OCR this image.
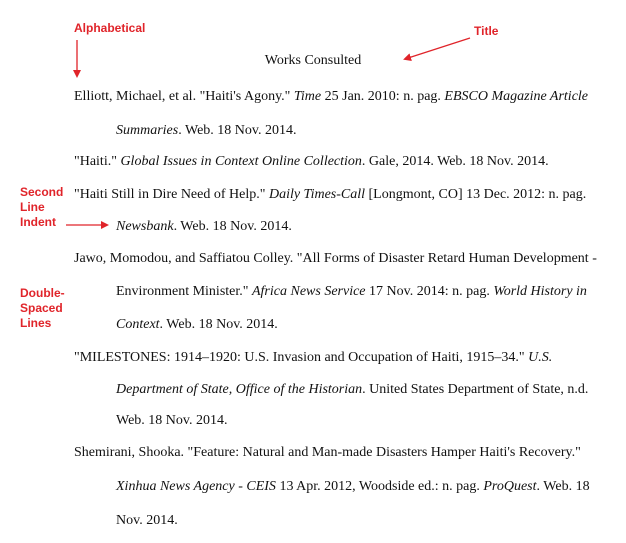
Alphabetical	Title
Second
Line
Indent
Double-
Spaced
Lines
Works Consulted
Elliott, Michael, et al. "Haiti's Agony." Time 25 Jan. 2010: n. pag. EBSCO Magazine Article
Summaries. Web. 18 Nov. 2014.
"Haiti." Global Issues in Context Online Collection. Gale, 2014. Web. 18 Nov. 2014.
"Haiti Still in Dire Need of Help." Daily Times-Call [Longmont, CO] 13 Dec. 2012: n. pag.
Newsbank. Web. 18 Nov. 2014.
Jawo, Momodou, and Saffiatou Colley. "All Forms of Disaster Retard Human Development -
Environment Minister." Africa News Service 17 Nov. 2014: n. pag. World History in
Context. Web. 18 Nov. 2014.
"MILESTONES: 1914–1920: U.S. Invasion and Occupation of Haiti, 1915–34." U.S.
Department of State, Office of the Historian. United States Department of State, n.d.
Web. 18 Nov. 2014.
Shemirani, Shooka. "Feature: Natural and Man-made Disasters Hamper Haiti's Recovery."
Xinhua News Agency - CEIS 13 Apr. 2012, Woodside ed.: n. pag. ProQuest. Web. 18
Nov. 2014.
